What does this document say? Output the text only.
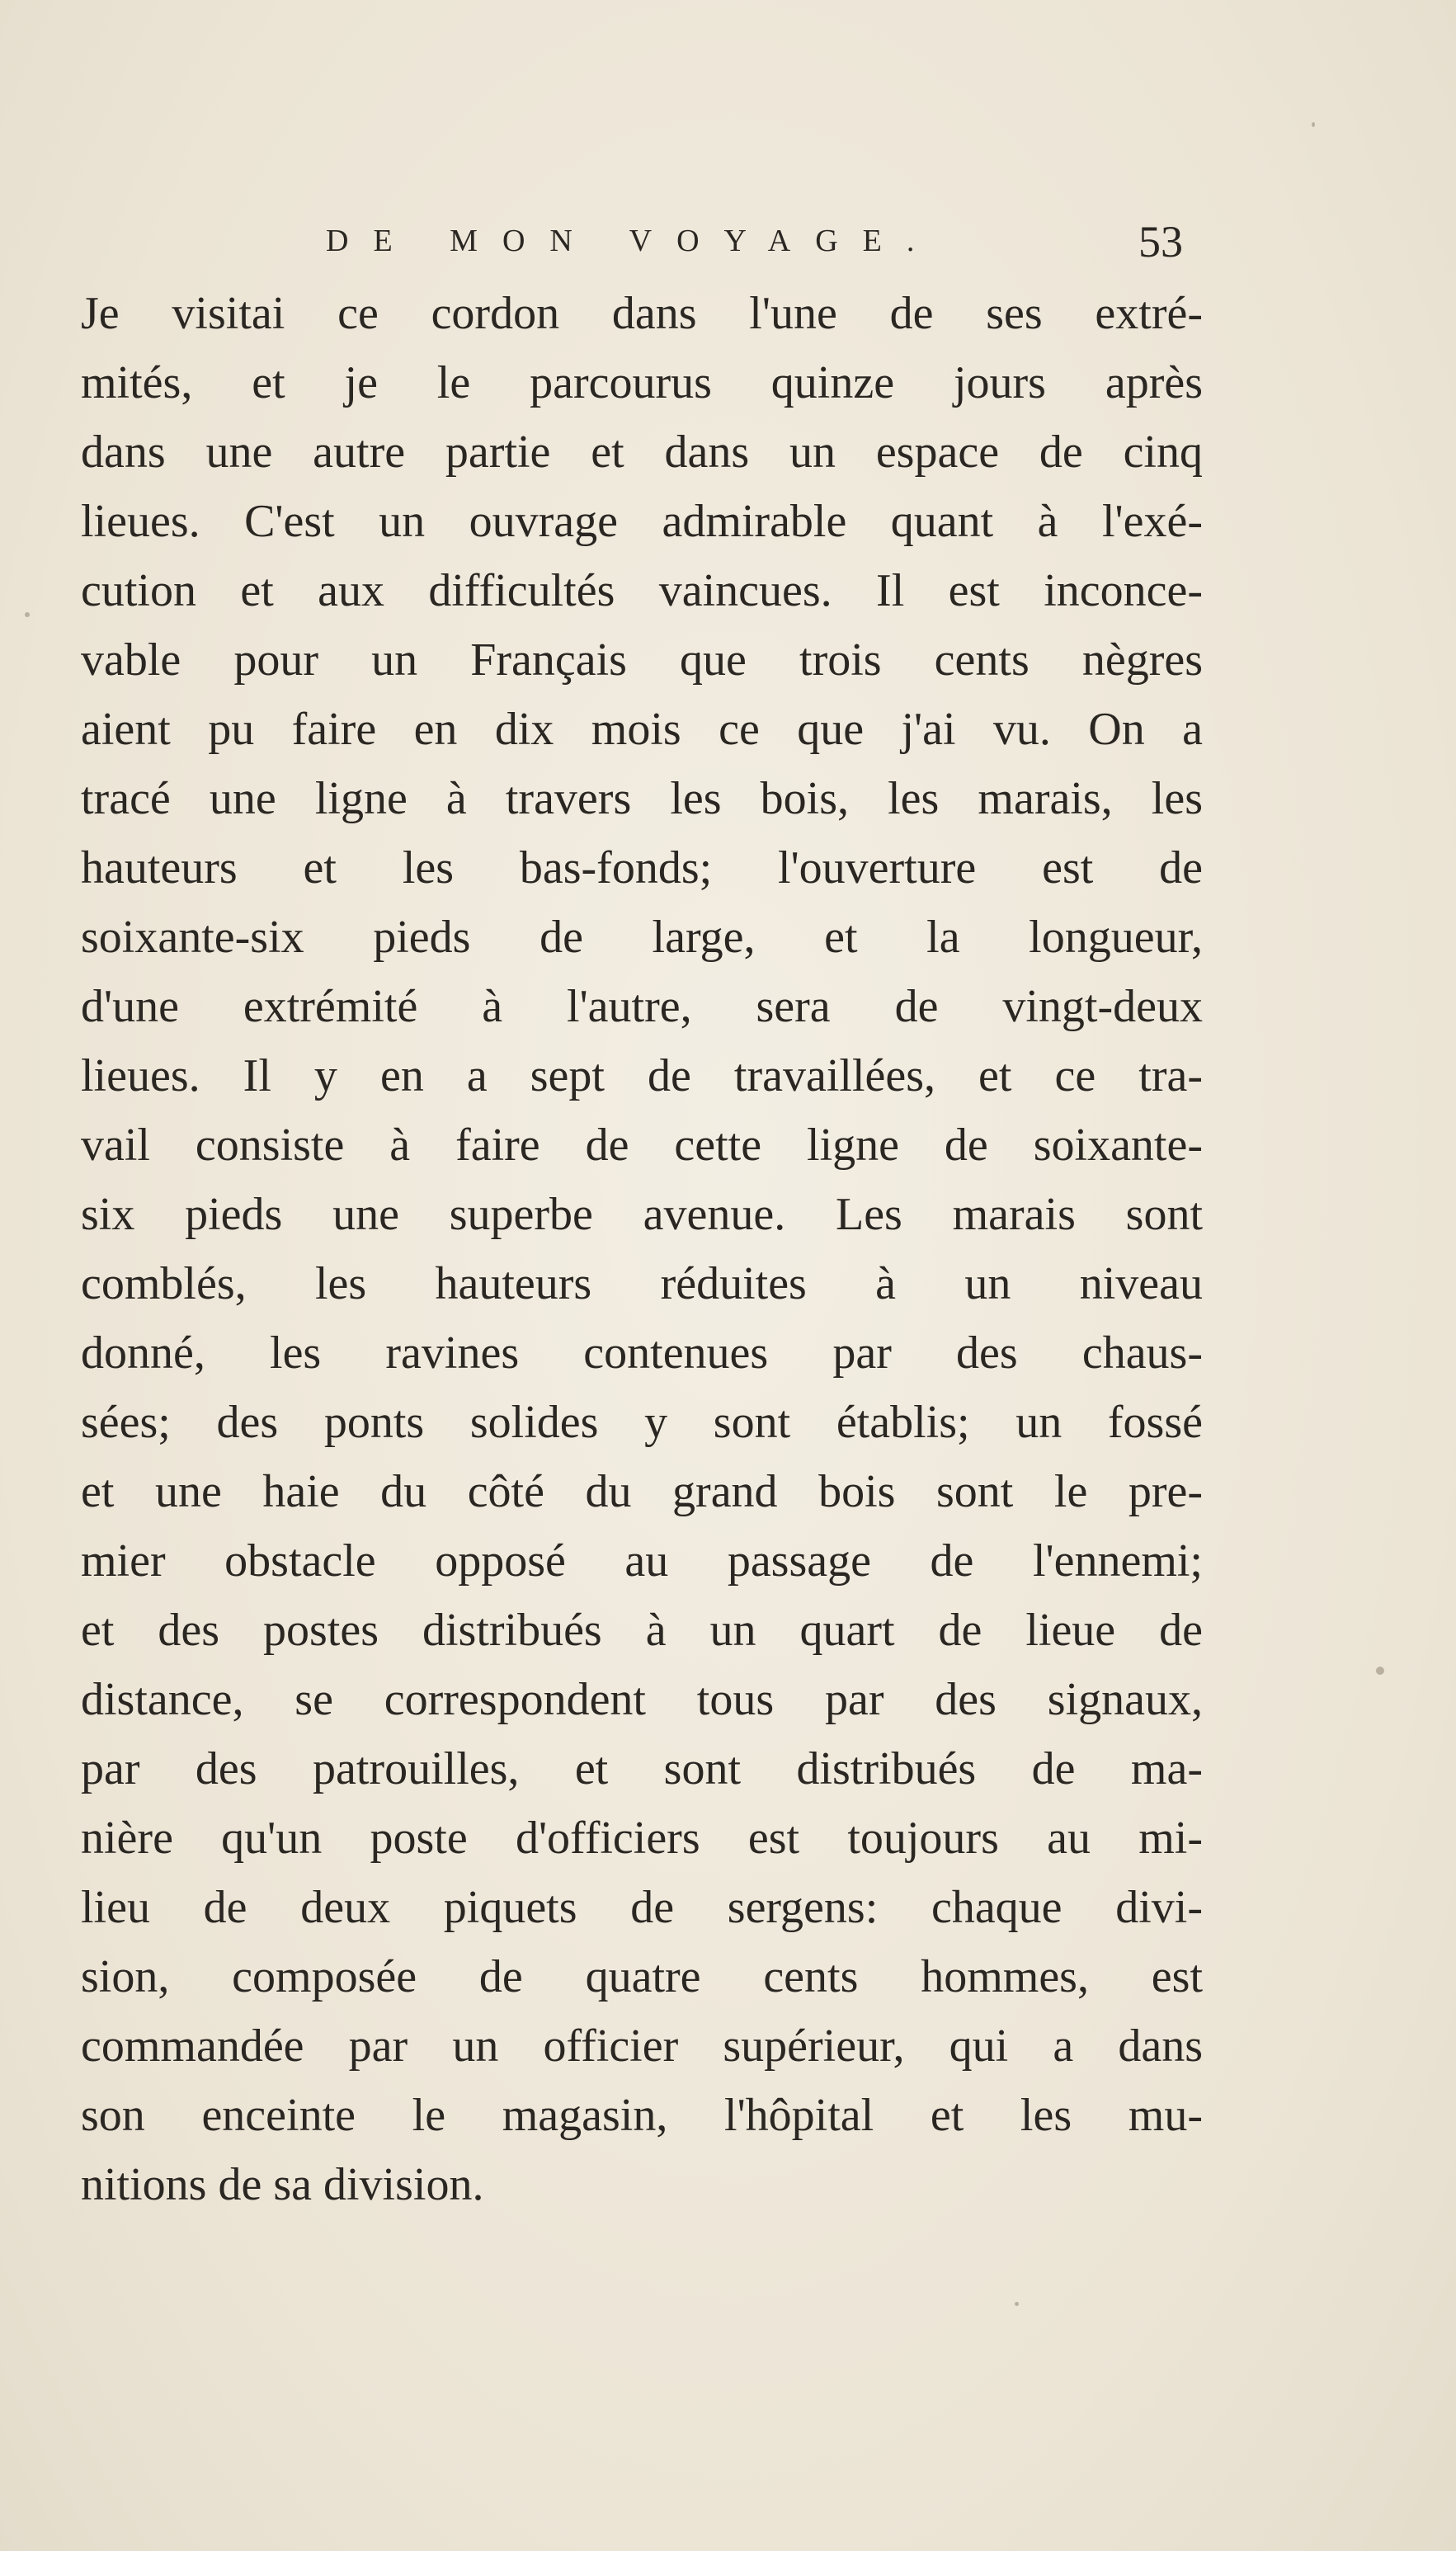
DE MON VOYAGE.	53
Je visitai ce cordon dans l'une de ses extré-
mités, et je le parcourus quinze jours après
dans une autre partie et dans un espace de cinq
lieues. C'est un ouvrage admirable quant à l'exé-
cution et aux difficultés vaincues. Il est inconce-
vable pour un Français que trois cents nègres
aient pu faire en dix mois ce que j'ai vu. On a
tracé une ligne à travers les bois, les marais, les
hauteurs et les bas-fonds; l'ouverture est de
soixante-six pieds de large, et la longueur,
d'une extrémité à l'autre, sera de vingt-deux
lieues. Il y en a sept de travaillées, et ce tra-
vail consiste à faire de cette ligne de soixante-
six pieds une superbe avenue. Les marais sont
comblés, les hauteurs réduites à un niveau
donné, les ravines contenues par des chaus-
sées; des ponts solides y sont établis; un fossé
et une haie du côté du grand bois sont le pre-
mier obstacle opposé au passage de l'ennemi;
et des postes distribués à un quart de lieue de
distance, se correspondent tous par des signaux,
par des patrouilles, et sont distribués de ma-
nière qu'un poste d'officiers est toujours au mi-
lieu de deux piquets de sergens: chaque divi-
sion, composée de quatre cents hommes, est
commandée par un officier supérieur, qui a dans
son enceinte le magasin, l'hôpital et les mu-
nitions de sa division.
